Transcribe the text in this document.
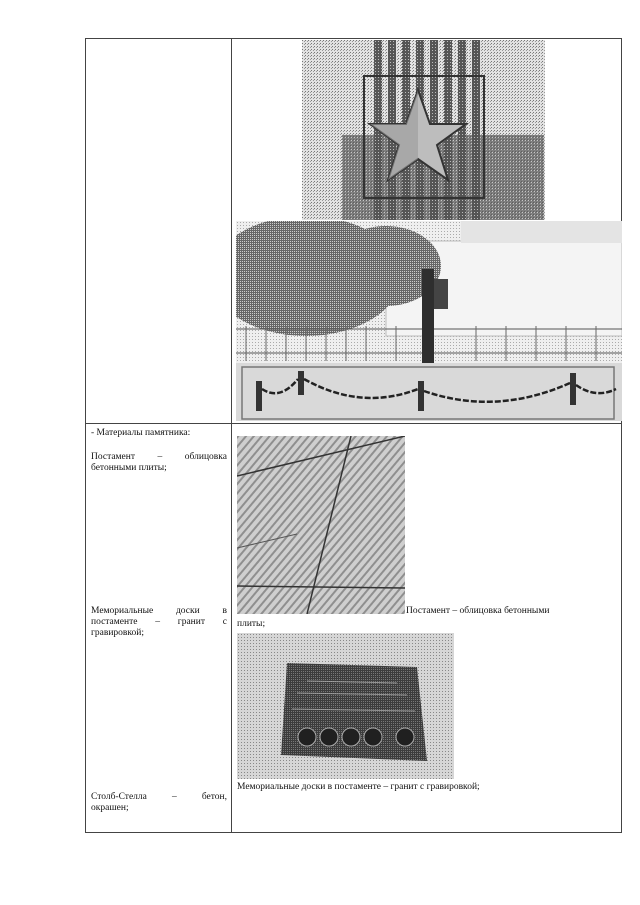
- Материалы памятника:
Постамент – облицовка
бетонными плиты;
Мемориальные доски в
постаменте – гранит с
гравировкой;
Столб-Стелла	–	бетон,
окрашен;
Постамент – облицовка бетонными
плиты;
Мемориальные доски в постаменте – гранит с гравировкой;
